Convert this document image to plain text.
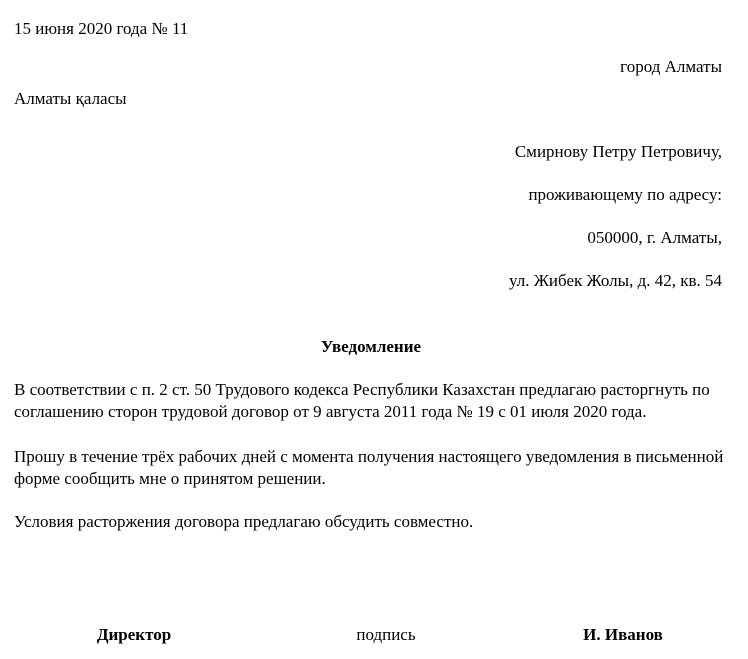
15 июня 2020 года № 11
город Алматы
Алматы қаласы
Смирнову Петру Петровичу,
проживающему по адресу:
050000, г. Алматы,
ул. Жибек Жолы, д. 42, кв. 54
Уведомление

В соответствии с п. 2 ст. 50 Трудового кодекса Республики Казахстан предлагаю расторгнуть по соглашению сторон трудовой договор от 9 августа 2011 года № 19 с 01 июля 2020 года.

Прошу в течение трёх рабочих дней с момента получения настоящего уведомления в письменной форме сообщить мне о принятом решении.

Условия расторжения договора предлагаю обсудить совместно.

Директор	подпись	И. Иванов
